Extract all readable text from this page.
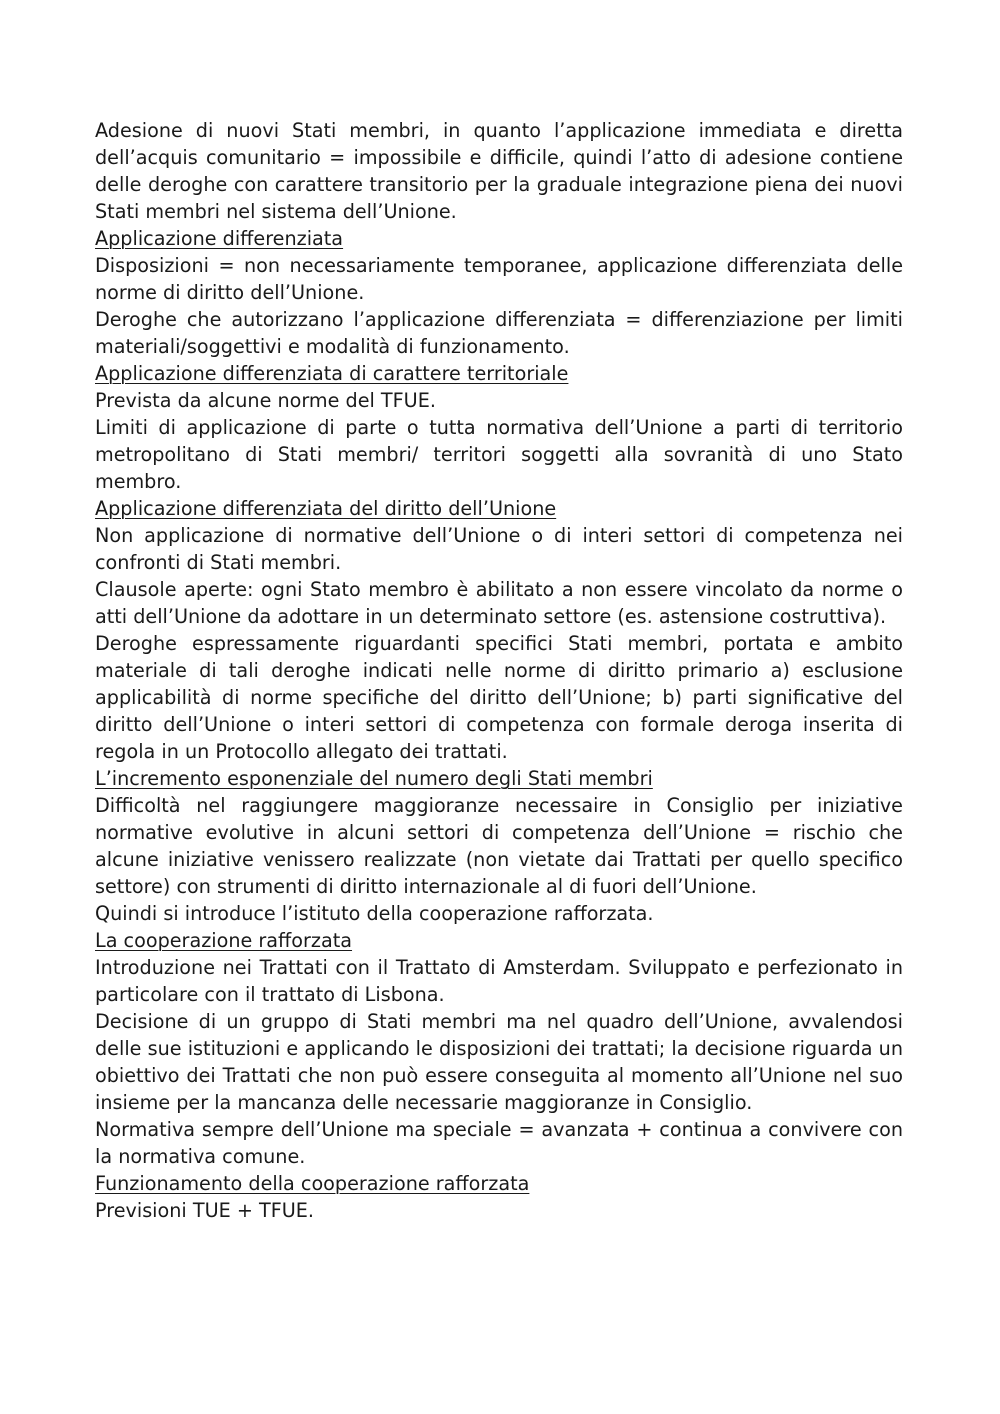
Adesione di nuovi Stati membri, in quanto l’applicazione immediata e diretta dell’acquis comunitario = impossibile e difficile, quindi l’atto di adesione contiene delle deroghe con carattere transitorio per la graduale integrazione piena dei nuovi Stati membri nel sistema dell’Unione.

Applicazione differenziata

Disposizioni = non necessariamente temporanee, applicazione differenziata delle norme di diritto dell’Unione.

Deroghe che autorizzano l’applicazione differenziata = differenziazione per limiti materiali/soggettivi e modalità di funzionamento.

Applicazione differenziata di carattere territoriale

Prevista da alcune norme del TFUE.

Limiti di applicazione di parte o tutta normativa dell’Unione a parti di territorio metropolitano di Stati membri/ territori soggetti alla sovranità di uno Stato membro.

Applicazione differenziata del diritto dell’Unione

Non applicazione di normative dell’Unione o di interi settori di competenza nei confronti di Stati membri.

Clausole aperte: ogni Stato membro è abilitato a non essere vincolato da norme o atti dell’Unione da adottare in un determinato settore (es. astensione costruttiva).

Deroghe espressamente riguardanti specifici Stati membri, portata e ambito materiale di tali deroghe indicati nelle norme di diritto primario a) esclusione applicabilità di norme specifiche del diritto dell’Unione; b) parti significative del diritto dell’Unione o interi settori di competenza con formale deroga inserita di regola in un Protocollo allegato dei trattati.

L’incremento esponenziale del numero degli Stati membri

Difficoltà nel raggiungere maggioranze necessaire in Consiglio per iniziative normative evolutive in alcuni settori di competenza dell’Unione = rischio che alcune iniziative venissero realizzate (non vietate dai Trattati per quello specifico settore) con strumenti di diritto internazionale al di fuori dell’Unione.

Quindi si introduce l’istituto della cooperazione rafforzata.

La cooperazione rafforzata

Introduzione nei Trattati con il Trattato di Amsterdam. Sviluppato e perfezionato in particolare con il trattato di Lisbona.

Decisione di un gruppo di Stati membri ma nel quadro dell’Unione, avvalendosi delle sue istituzioni e applicando le disposizioni dei trattati; la decisione riguarda un obiettivo dei Trattati che non può essere conseguita al momento all’Unione nel suo insieme per la mancanza delle necessarie maggioranze in Consiglio.

Normativa sempre dell’Unione ma speciale = avanzata + continua a convivere con la normativa comune.

Funzionamento della cooperazione rafforzata

Previsioni TUE + TFUE.
